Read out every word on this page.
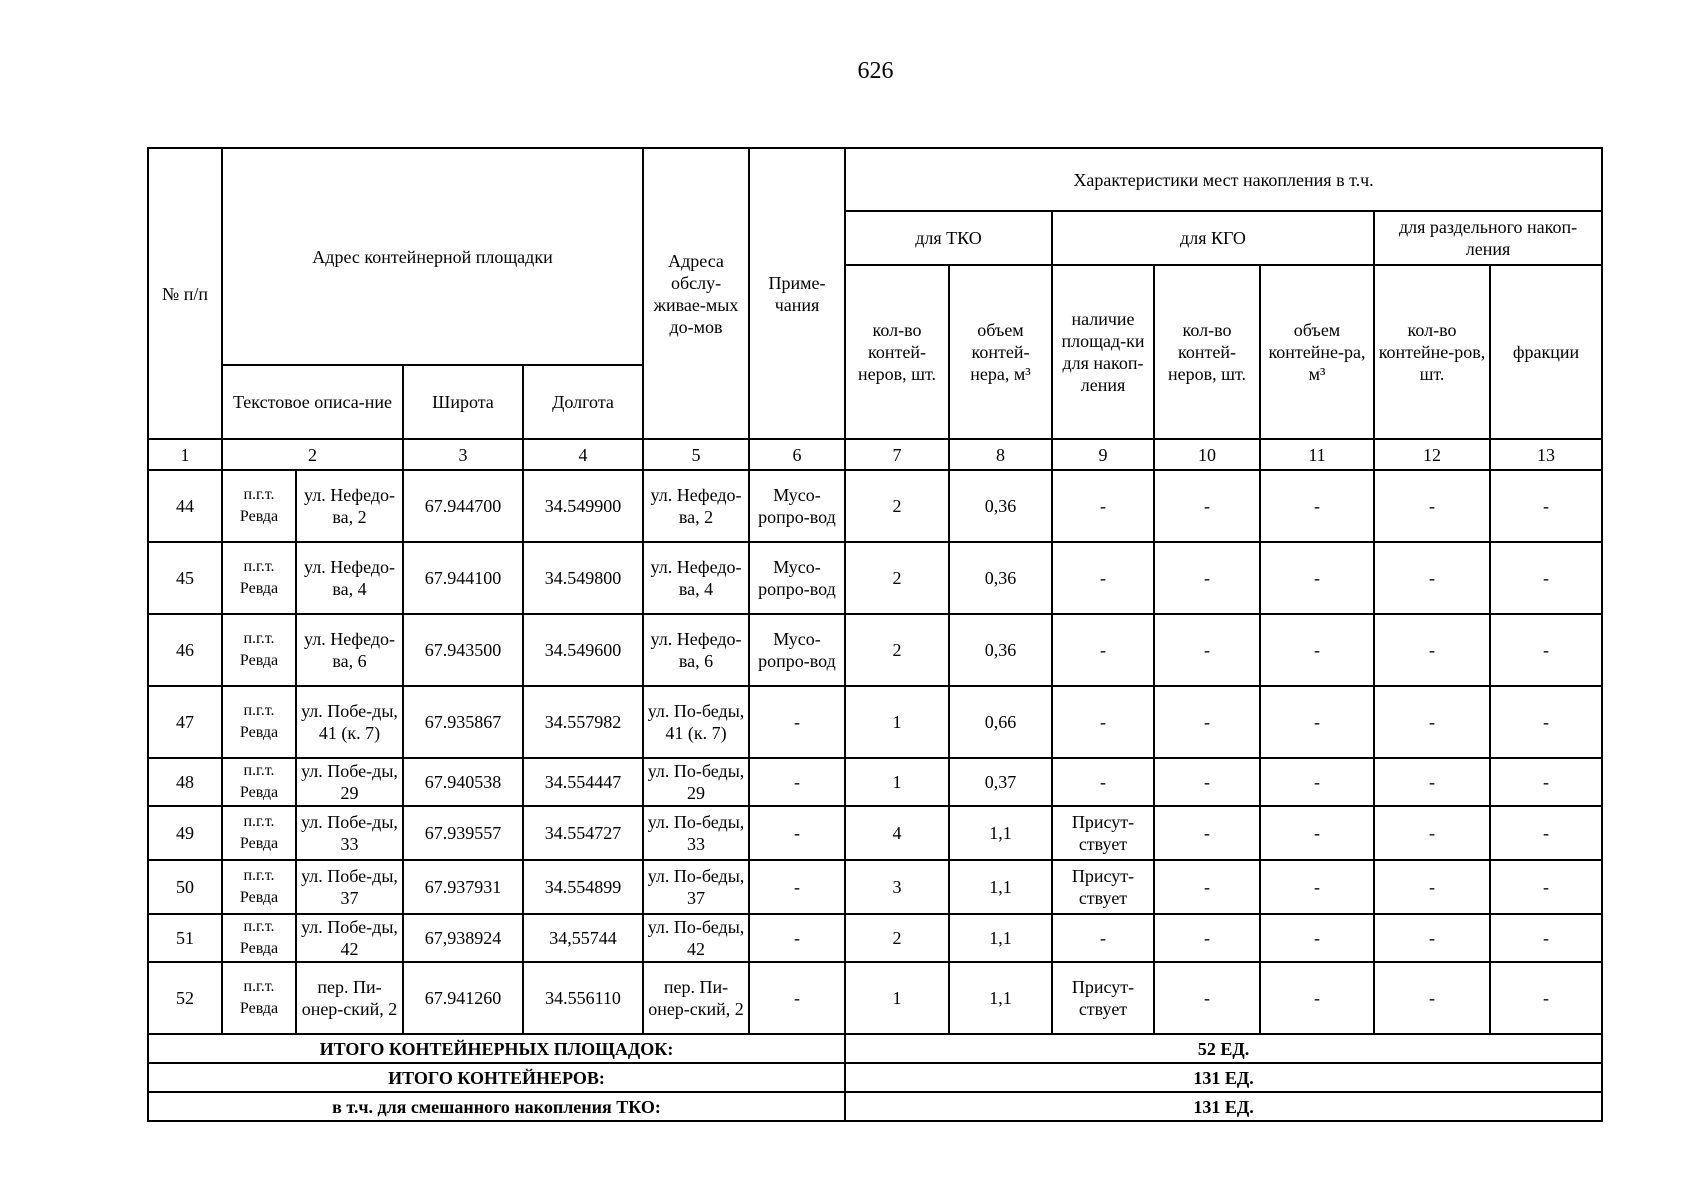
626
№ п/п	Адрес контейнерной площадки				Адреса обслу-живае-мых до-мов	Приме-чания	Характеристики мест накопления в т.ч.						
							для ТКО		для КГО			для раздельного накоп-ления	
							кол-во контей-неров, шт.	объем контей-нера, м³	наличие площад-ки для накоп-ления	кол-во контей-неров, шт.	объем контейне-ра, м³	кол-во контейне-ров, шт.	фракции
	Текстовое описа-ние		Широта	Долгота									
1	2		3	4	5	6	7	8	9	10	11	12	13
44	п.г.т. Ревда	ул. Нефедо-ва, 2	67.944700	34.549900	ул. Нефедо-ва, 2	Мусо-ропро-вод	2	0,36	-	-	-	-	-
45	п.г.т. Ревда	ул. Нефедо-ва, 4	67.944100	34.549800	ул. Нефедо-ва, 4	Мусо-ропро-вод	2	0,36	-	-	-	-	-
46	п.г.т. Ревда	ул. Нефедо-ва, 6	67.943500	34.549600	ул. Нефедо-ва, 6	Мусо-ропро-вод	2	0,36	-	-	-	-	-
47	п.г.т. Ревда	ул. Побе-ды, 41 (к. 7)	67.935867	34.557982	ул. По-беды, 41 (к. 7)	-	1	0,66	-	-	-	-	-
48	п.г.т. Ревда	ул. Побе-ды, 29	67.940538	34.554447	ул. По-беды, 29	-	1	0,37	-	-	-	-	-
49	п.г.т. Ревда	ул. Побе-ды, 33	67.939557	34.554727	ул. По-беды, 33	-	4	1,1	Присут-ствует	-	-	-	-
50	п.г.т. Ревда	ул. Побе-ды, 37	67.937931	34.554899	ул. По-беды, 37	-	3	1,1	Присут-ствует	-	-	-	-
51	п.г.т. Ревда	ул. Побе-ды, 42	67,938924	34,55744	ул. По-беды, 42	-	2	1,1	-	-	-	-	-
52	п.г.т. Ревда	пер. Пи-онер-ский, 2	67.941260	34.556110	пер. Пи-онер-ский, 2	-	1	1,1	Присут-ствует	-	-	-	-
ИТОГО КОНТЕЙНЕРНЫХ ПЛОЩАДОК:							52 ЕД.						
ИТОГО КОНТЕЙНЕРОВ:							131 ЕД.						
в т.ч. для смешанного накопления ТКО:							131 ЕД.						
